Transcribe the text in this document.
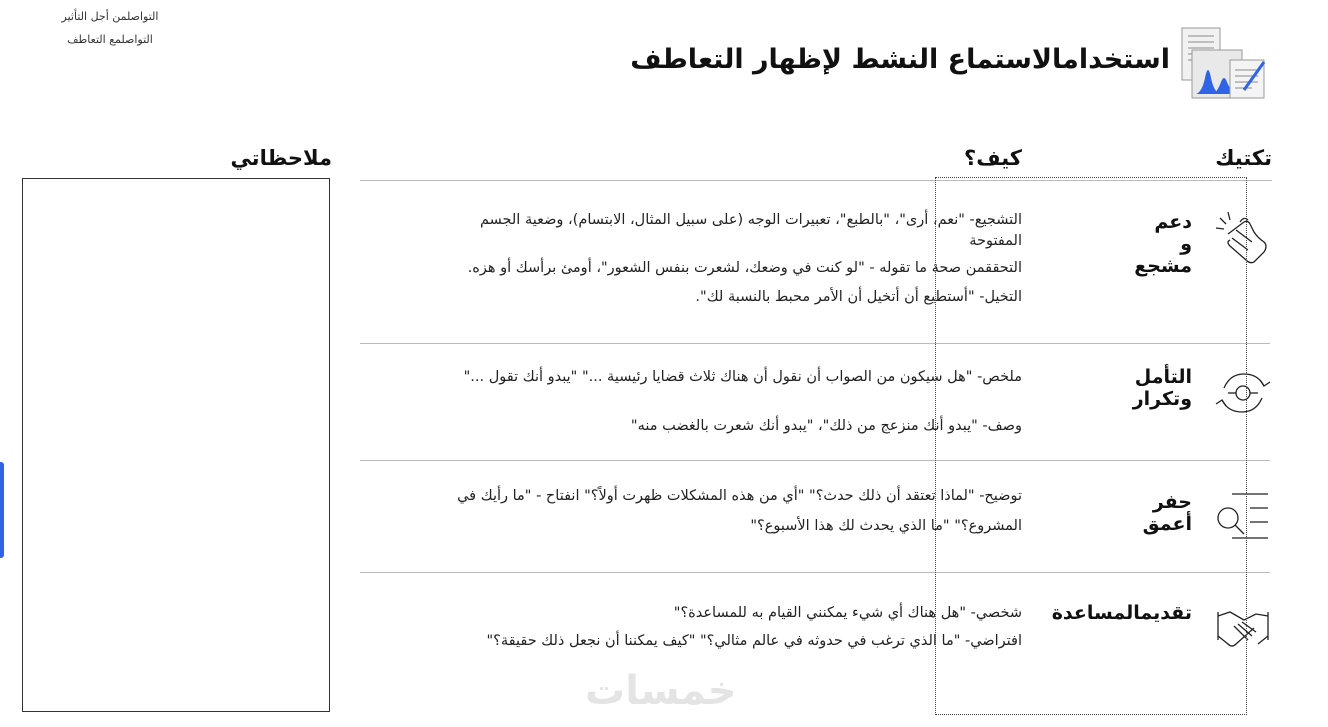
التواصلمن أجل التأثير
التواصلمع التعاطف
استخدامالاستماع النشط لإظهار التعاطف
تكتيك
كيف؟
ملاحظاتي
دعم
و
مشجع
التشجيع- "نعم، أرى"، "بالطبع"، تعبيرات الوجه (على سبيل المثال، الابتسام)، وضعية الجسم
المفتوحة
التحققمن صحة ما تقوله - "لو كنت في وضعك، لشعرت بنفس الشعور"، أومئ برأسك أو هزه.
التخيل- "أستطيع أن أتخيل أن الأمر محبط بالنسبة لك".
التأمل
وتكرار
ملخص- "هل سيكون من الصواب أن نقول أن هناك ثلاث قضايا رئيسية ..." "يبدو أنك تقول ..."
وصف- "يبدو أنك منزعج من ذلك"، "يبدو أنك شعرت بالغضب منه"
حفر
أعمق
توضيح- "لماذا تعتقد أن ذلك حدث؟" "أي من هذه المشكلات ظهرت أولاً؟" انفتاح - "ما رأيك في
المشروع؟" "ما الذي يحدث لك هذا الأسبوع؟"
تقديمالمساعدة
شخصي- "هل هناك أي شيء يمكنني القيام به للمساعدة؟"
افتراضي- "ما الذي ترغب في حدوثه في عالم مثالي؟" "كيف يمكننا أن نجعل ذلك حقيقة؟"
خمسات
